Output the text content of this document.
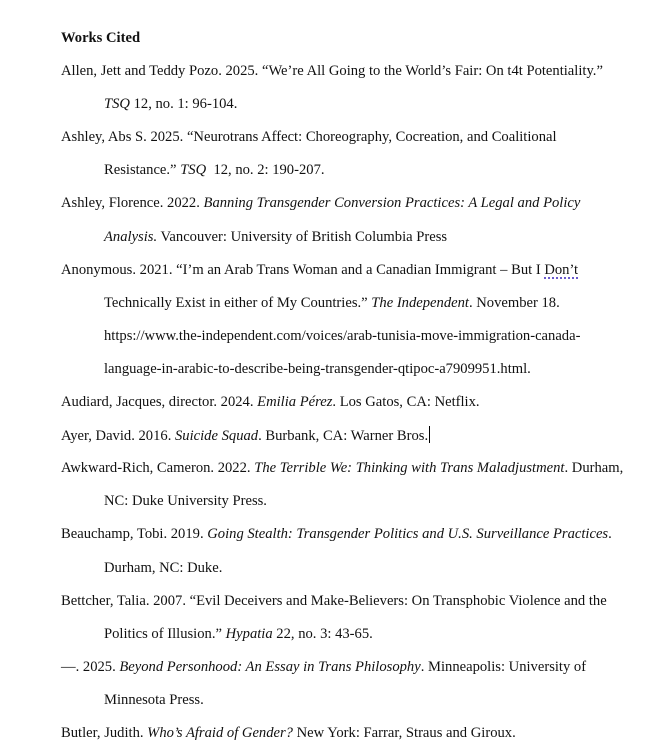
Works Cited
Allen, Jett and Teddy Pozo. 2025. “We’re All Going to the World’s Fair: On t4t Potentiality.”
TSQ 12, no. 1: 96-104.
Ashley, Abs S. 2025. “Neurotrans Affect: Choreography, Cocreation, and Coalitional
Resistance.” TSQ  12, no. 2: 190-207.
Ashley, Florence. 2022. Banning Transgender Conversion Practices: A Legal and Policy
Analysis. Vancouver: University of British Columbia Press
Anonymous. 2021. “I’m an Arab Trans Woman and a Canadian Immigrant – But I Don’t
Technically Exist in either of My Countries.” The Independent. November 18.
https://www.the-independent.com/voices/arab-tunisia-move-immigration-canada-
language-in-arabic-to-describe-being-transgender-qtipoc-a7909951.html.
Audiard, Jacques, director. 2024. Emilia Pérez. Los Gatos, CA: Netflix.
Ayer, David. 2016. Suicide Squad. Burbank, CA: Warner Bros.
Awkward-Rich, Cameron. 2022. The Terrible We: Thinking with Trans Maladjustment. Durham,
NC: Duke University Press.
Beauchamp, Tobi. 2019. Going Stealth: Transgender Politics and U.S. Surveillance Practices.
Durham, NC: Duke.
Bettcher, Talia. 2007. “Evil Deceivers and Make-Believers: On Transphobic Violence and the
Politics of Illusion.” Hypatia 22, no. 3: 43-65.
—. 2025. Beyond Personhood: An Essay in Trans Philosophy. Minneapolis: University of
Minnesota Press.
Butler, Judith. Who’s Afraid of Gender? New York: Farrar, Straus and Giroux.
